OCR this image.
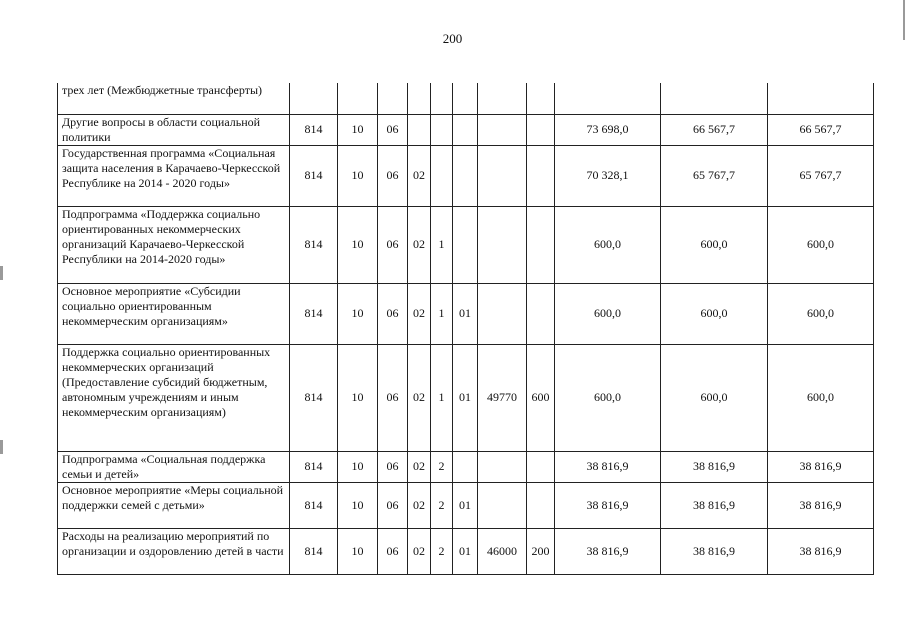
200
трех лет (Межбюджетные трансферты)											
Другие вопросы в области социальной политики	814	10	06						73 698,0	66 567,7	66 567,7
Государственная программа «Социальная защита населения в Карачаево-Черкесской Республике на 2014 - 2020 годы»	814	10	06	02					70 328,1	65 767,7	65 767,7
Подпрограмма «Поддержка социально ориентированных некоммерческих организаций Карачаево-Черкесской Республики на 2014-2020 годы»	814	10	06	02	1				600,0	600,0	600,0
Основное мероприятие «Субсидии социально ориентированным некоммерческим организациям»	814	10	06	02	1	01			600,0	600,0	600,0
Поддержка социально ориентированных некоммерческих организаций (Предоставление субсидий бюджетным, автономным учреждениям и иным некоммерческим организациям)	814	10	06	02	1	01	49770	600	600,0	600,0	600,0
Подпрограмма «Социальная поддержка семьи и детей»	814	10	06	02	2				38 816,9	38 816,9	38 816,9
Основное мероприятие «Меры социальной поддержки семей с детьми»	814	10	06	02	2	01			38 816,9	38 816,9	38 816,9
Расходы на реализацию мероприятий по организации и оздоровлению детей в части	814	10	06	02	2	01	46000	200	38 816,9	38 816,9	38 816,9
